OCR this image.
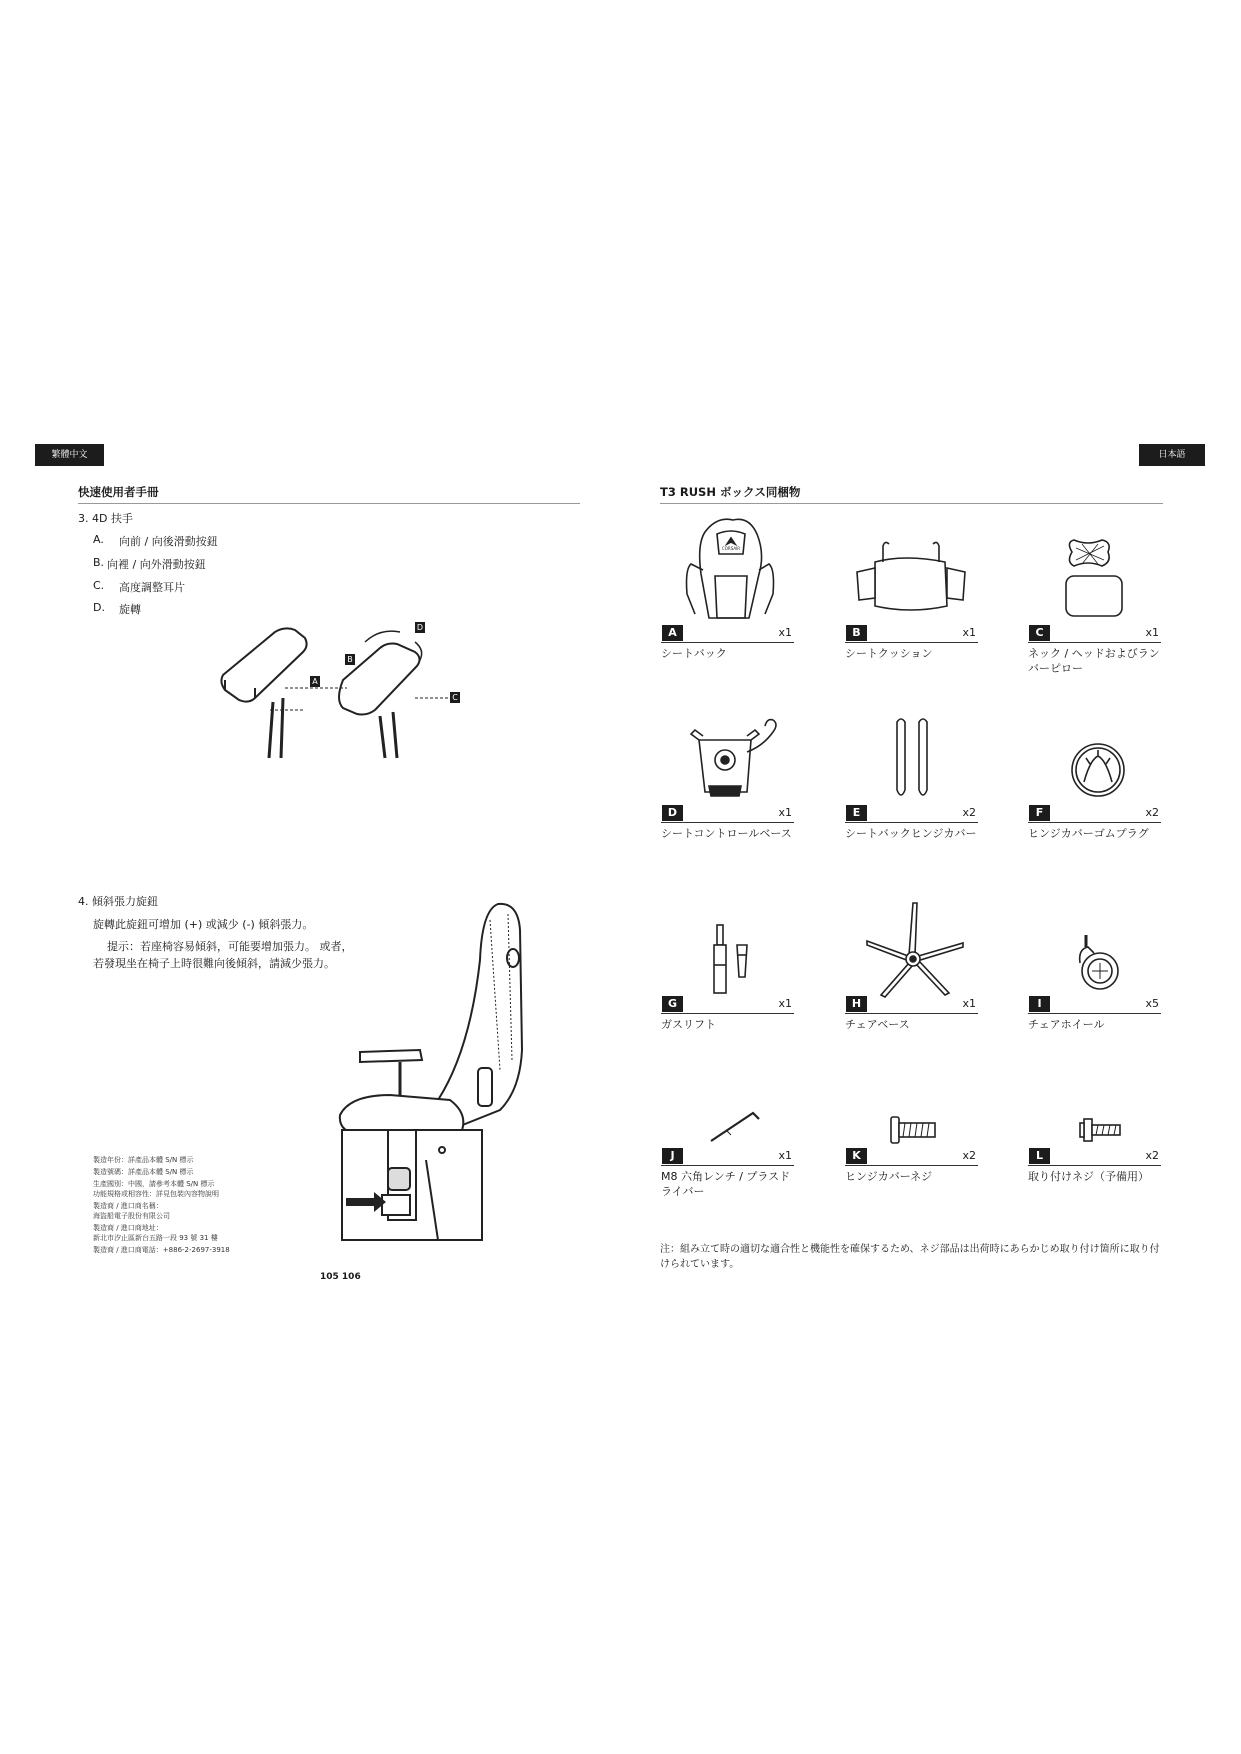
繁體中文
快速使用者手冊
3. 4D 扶手
A. 向前 / 向後滑動按鈕
B. 向裡 / 向外滑動按鈕
C. 高度調整耳片
D. 旋轉
A
B
C
D
4. 傾斜張力旋鈕
旋轉此旋鈕可增加 (+) 或減少 (-) 傾斜張力。
提示：若座椅容易傾斜，可能要增加張力。 或者，
若發現坐在椅子上時很難向後傾斜，請減少張力。
製造年份：詳產品本體 S/N 標示
製造號碼：詳產品本體 S/N 標示
生產國別：中國，請參考本體 S/N 標示
功能規格或相容性：詳見包裝內容物說明
製造商 / 進口商名稱：
海盜船電子股份有限公司
製造商 / 進口商地址：
新北市汐止區新台五路一段 93 號 31 樓
製造商 / 進口商電話：+886-2-2697-3918
105 106
日本語
T3 RUSH ボックス同梱物
CORSAIR
A	x1
シートバック
B	x1
シートクッション
C	x1
ネック / ヘッドおよびランバーピロー
D	x1
シートコントロールベース
E	x2
シートバックヒンジカバー
F	x2
ヒンジカバーゴムプラグ
G	x1
ガスリフト
H	x1
チェアベース
I	x5
チェアホイール
J	x1
M8 六角レンチ / プラスドライバー
K	x2
ヒンジカバーネジ
L	x2
取り付けネジ（予備用）
注：組み立て時の適切な適合性と機能性を確保するため、ネジ部品は出荷時にあらかじめ取り付け箇所に取り付けられています。
